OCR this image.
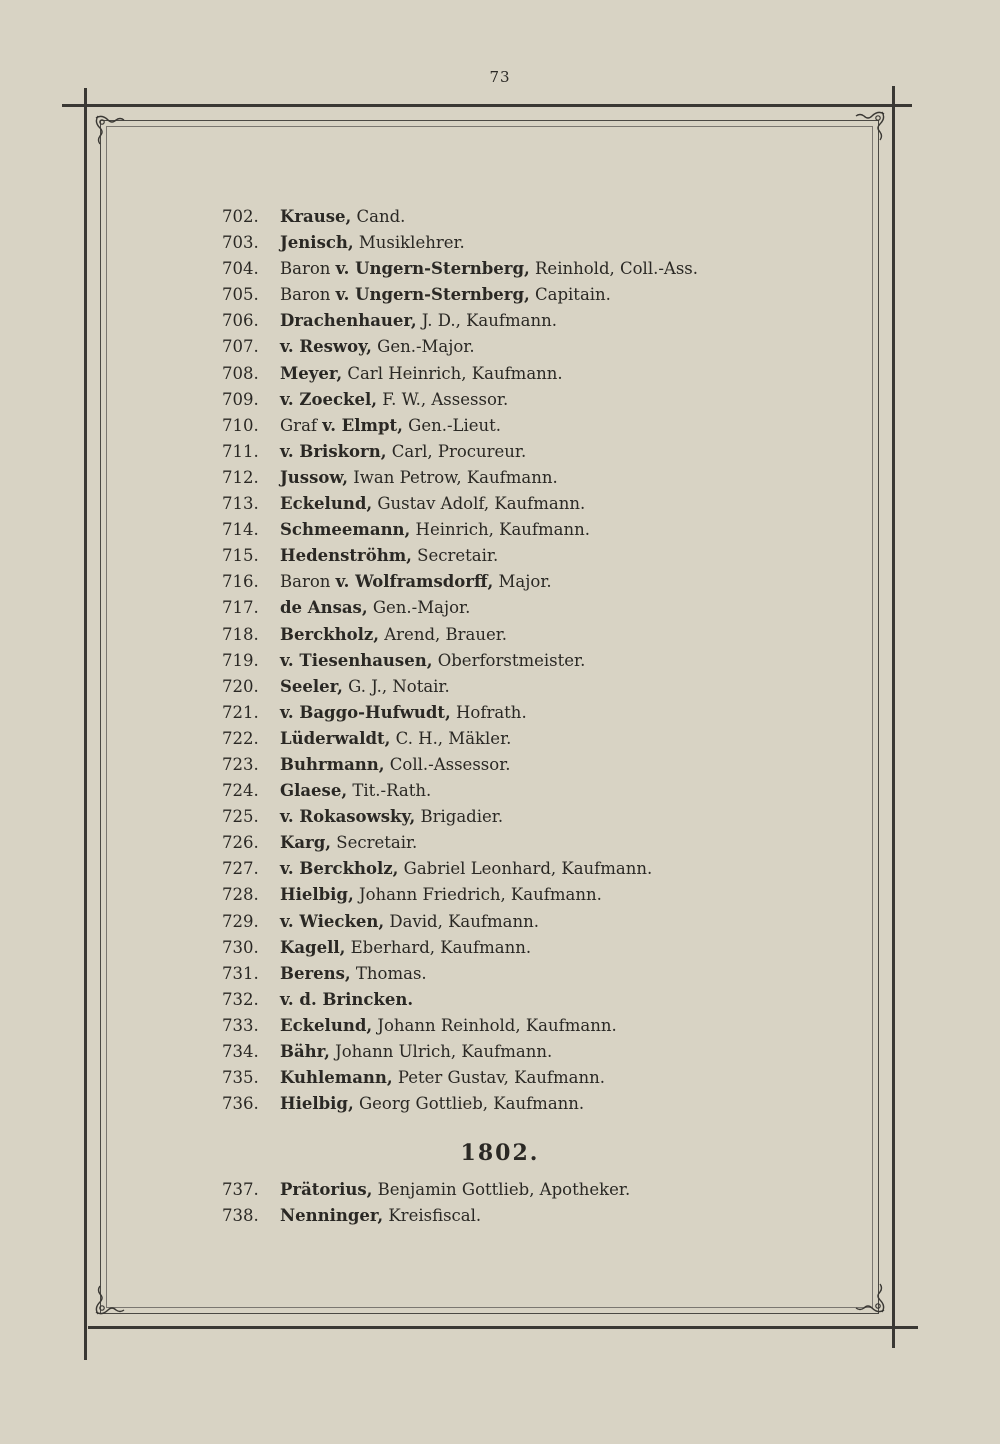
73
702.	Krause, Cand.
703.	Jenisch, Musiklehrer.
704.	Baron v. Ungern-Sternberg, Reinhold, Coll.-Ass.
705.	Baron v. Ungern-Sternberg, Capitain.
706.	Drachenhauer, J. D., Kaufmann.
707.	v. Reswoy, Gen.-Major.
708.	Meyer, Carl Heinrich, Kaufmann.
709.	v. Zoeckel, F. W., Assessor.
710.	Graf v. Elmpt, Gen.-Lieut.
711.	v. Briskorn, Carl, Procureur.
712.	Jussow, Iwan Petrow, Kaufmann.
713.	Eckelund, Gustav Adolf, Kaufmann.
714.	Schmeemann, Heinrich, Kaufmann.
715.	Hedenströhm, Secretair.
716.	Baron v. Wolframsdorff, Major.
717.	de Ansas, Gen.-Major.
718.	Berckholz, Arend, Brauer.
719.	v. Tiesenhausen, Oberforstmeister.
720.	Seeler, G. J., Notair.
721.	v. Baggo-Hufwudt, Hofrath.
722.	Lüderwaldt, C. H., Mäkler.
723.	Buhrmann, Coll.-Assessor.
724.	Glaese, Tit.-Rath.
725.	v. Rokasowsky, Brigadier.
726.	Karg, Secretair.
727.	v. Berckholz, Gabriel Leonhard, Kaufmann.
728.	Hielbig, Johann Friedrich, Kaufmann.
729.	v. Wiecken, David, Kaufmann.
730.	Kagell, Eberhard, Kaufmann.
731.	Berens, Thomas.
732.	v. d. Brincken.
733.	Eckelund, Johann Reinhold, Kaufmann.
734.	Bähr, Johann Ulrich, Kaufmann.
735.	Kuhlemann, Peter Gustav, Kaufmann.
736.	Hielbig, Georg Gottlieb, Kaufmann.
1802.
737.	Prätorius, Benjamin Gottlieb, Apotheker.
738.	Nenninger, Kreisfiscal.
